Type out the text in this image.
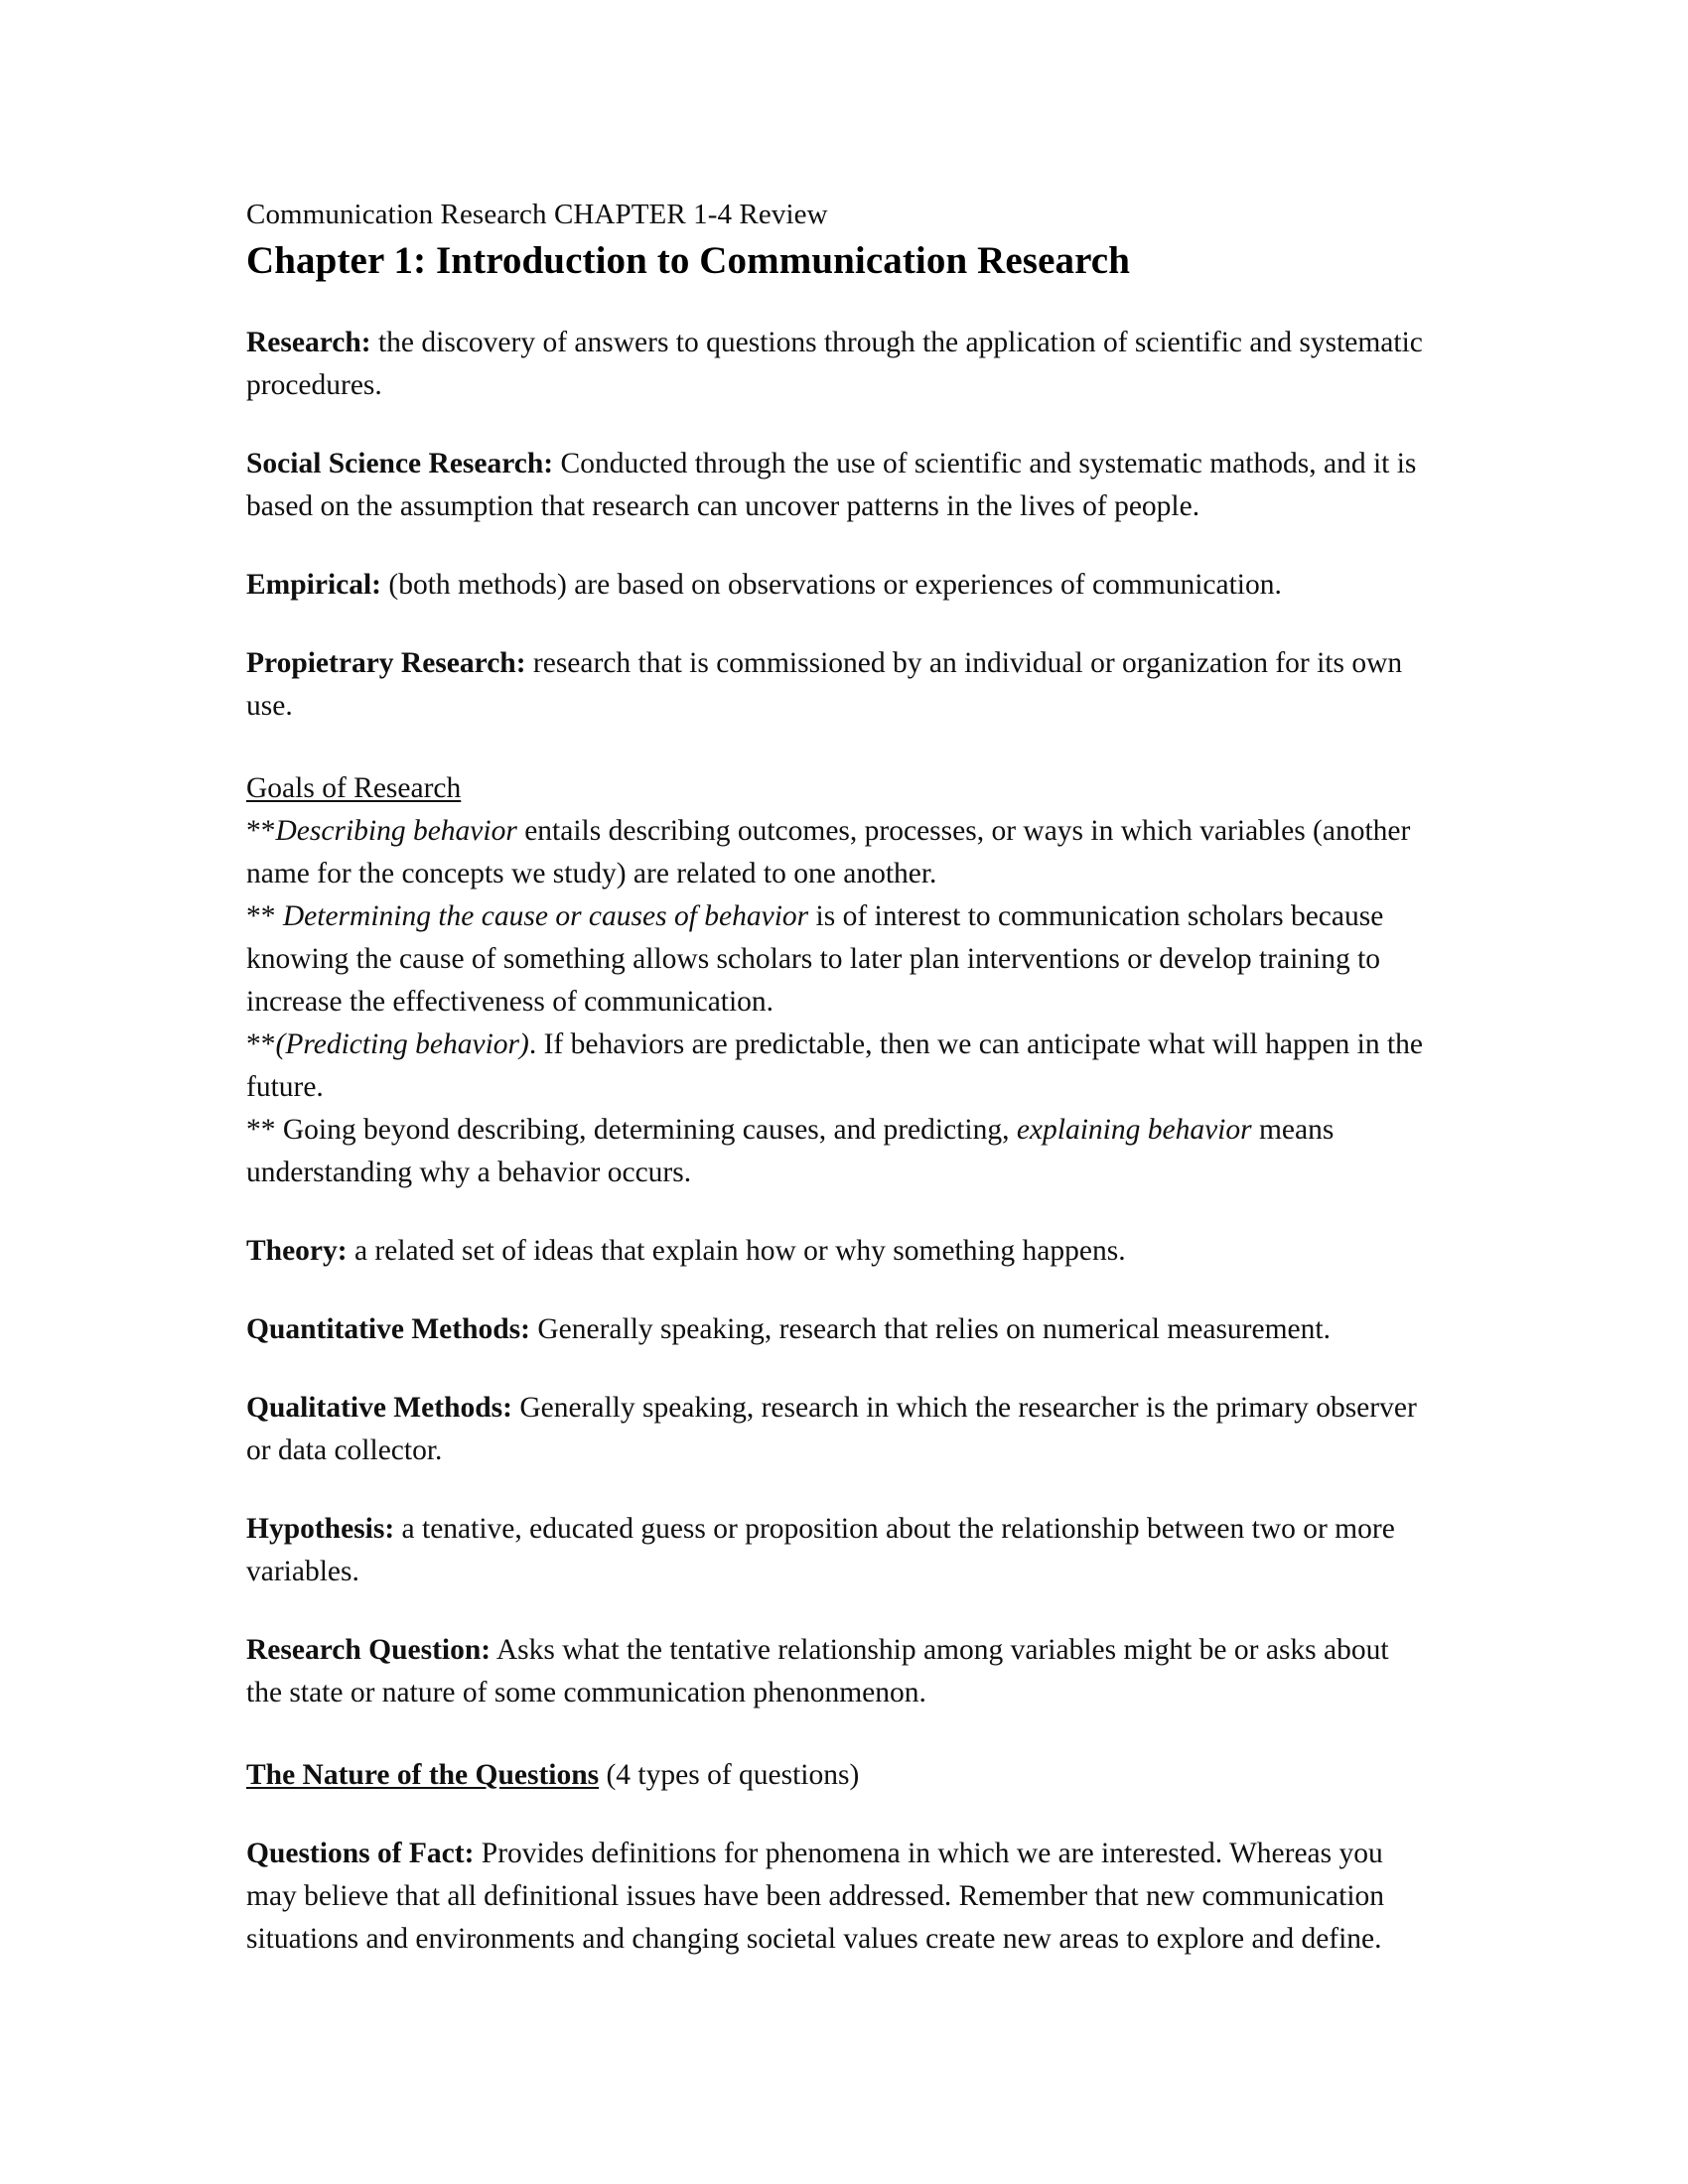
Communication Research CHAPTER 1-4 Review
Chapter 1: Introduction to Communication Research
Research: the discovery of answers to questions through the application of scientific and systematic procedures.
Social Science Research: Conducted through the use of scientific and systematic mathods, and it is based on the assumption that research can uncover patterns in the lives of people.
Empirical: (both methods) are based on observations or experiences of communication.
Propietrary Research: research that is commissioned by an individual or organization for its own use.
Goals of Research
**Describing behavior entails describing outcomes, processes, or ways in which variables (another name for the concepts we study) are related to one another.
** Determining the cause or causes of behavior is of interest to communication scholars because knowing the cause of something allows scholars to later plan interventions or develop training to increase the effectiveness of communication.
**(Predicting behavior). If behaviors are predictable, then we can anticipate what will happen in the future.
** Going beyond describing, determining causes, and predicting, explaining behavior means understanding why a behavior occurs.
Theory: a related set of ideas that explain how or why something happens.
Quantitative Methods: Generally speaking, research that relies on numerical measurement.
Qualitative Methods: Generally speaking, research in which the researcher is the primary observer or data collector.
Hypothesis: a tenative, educated guess or proposition about the relationship between two or more variables.
Research Question: Asks what the tentative relationship among variables might be or asks about the state or nature of some communication phenonmenon.
The Nature of the Questions (4 types of questions)
Questions of Fact: Provides definitions for phenomena in which we are interested. Whereas you may believe that all definitional issues have been addressed. Remember that new communication situations and environments and changing societal values create new areas to explore and define.
